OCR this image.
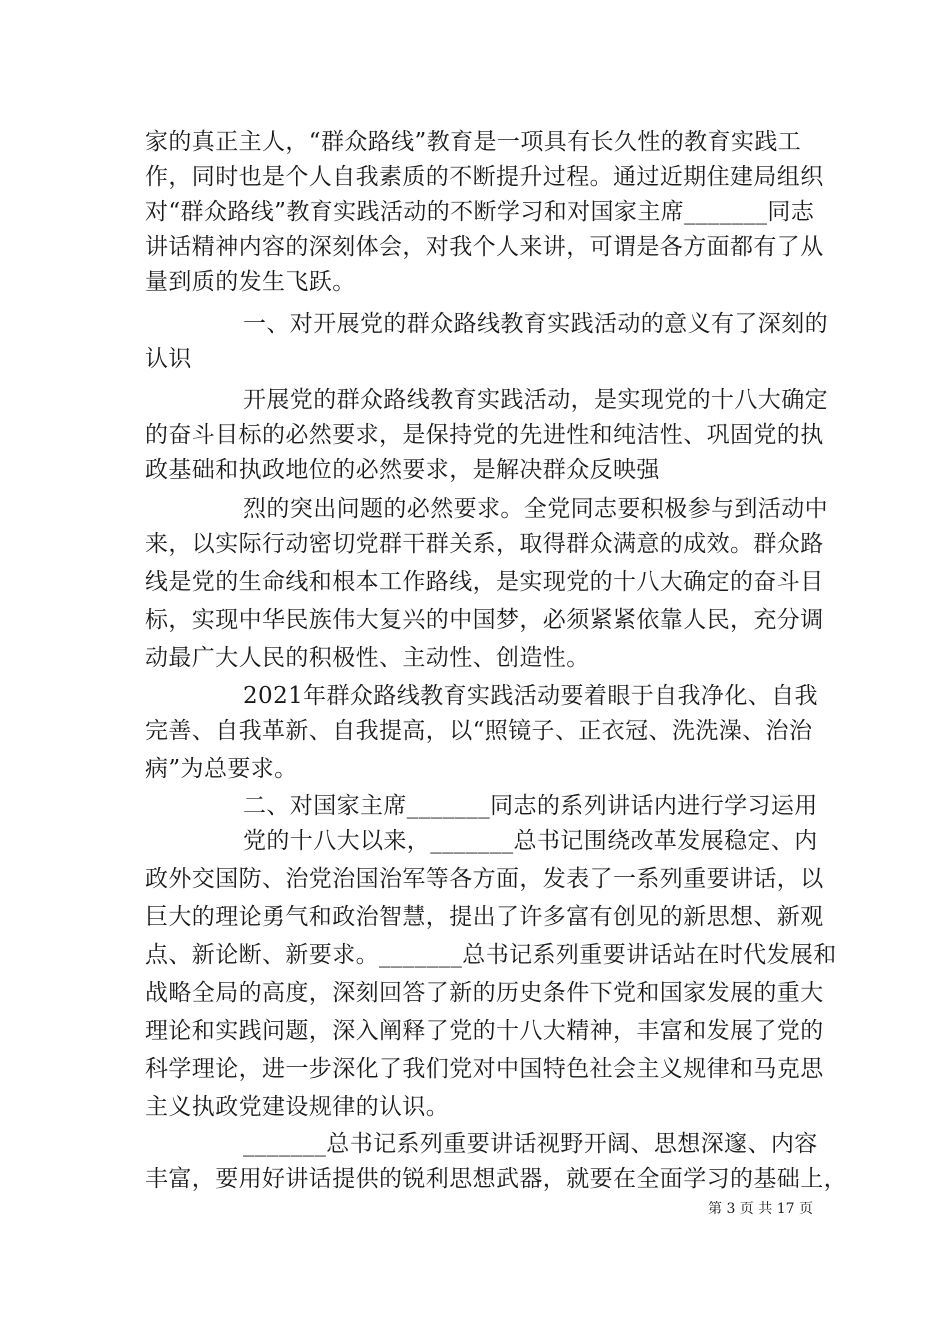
家的真正主人，“群众路线”教育是一项具有长久性的教育实践工
作，同时也是个人自我素质的不断提升过程。通过近期住建局组织
对“群众路线”教育实践活动的不断学习和对国家主席_______同志
讲话精神内容的深刻体会，对我个人来讲，可谓是各方面都有了从
量到质的发生飞跃。
一、对开展党的群众路线教育实践活动的意义有了深刻的
认识
开展党的群众路线教育实践活动，是实现党的十八大确定
的奋斗目标的必然要求，是保持党的先进性和纯洁性、巩固党的执
政基础和执政地位的必然要求，是解决群众反映强
烈的突出问题的必然要求。全党同志要积极参与到活动中
来，以实际行动密切党群干群关系，取得群众满意的成效。群众路
线是党的生命线和根本工作路线，是实现党的十八大确定的奋斗目
标，实现中华民族伟大复兴的中国梦，必须紧紧依靠人民，充分调
动最广大人民的积极性、主动性、创造性。
2021年群众路线教育实践活动要着眼于自我净化、自我
完善、自我革新、自我提高，以“照镜子、正衣冠、洗洗澡、治治
病”为总要求。
二、对国家主席_______同志的系列讲话内进行学习运用
党的十八大以来，_______总书记围绕改革发展稳定、内
政外交国防、治党治国治军等各方面，发表了一系列重要讲话，以
巨大的理论勇气和政治智慧，提出了许多富有创见的新思想、新观
点、新论断、新要求。_______总书记系列重要讲话站在时代发展和
战略全局的高度，深刻回答了新的历史条件下党和国家发展的重大
理论和实践问题，深入阐释了党的十八大精神，丰富和发展了党的
科学理论，进一步深化了我们党对中国特色社会主义规律和马克思
主义执政党建设规律的认识。
_______总书记系列重要讲话视野开阔、思想深邃、内容
丰富，要用好讲话提供的锐利思想武器，就要在全面学习的基础上，
第 3 页 共 17 页
